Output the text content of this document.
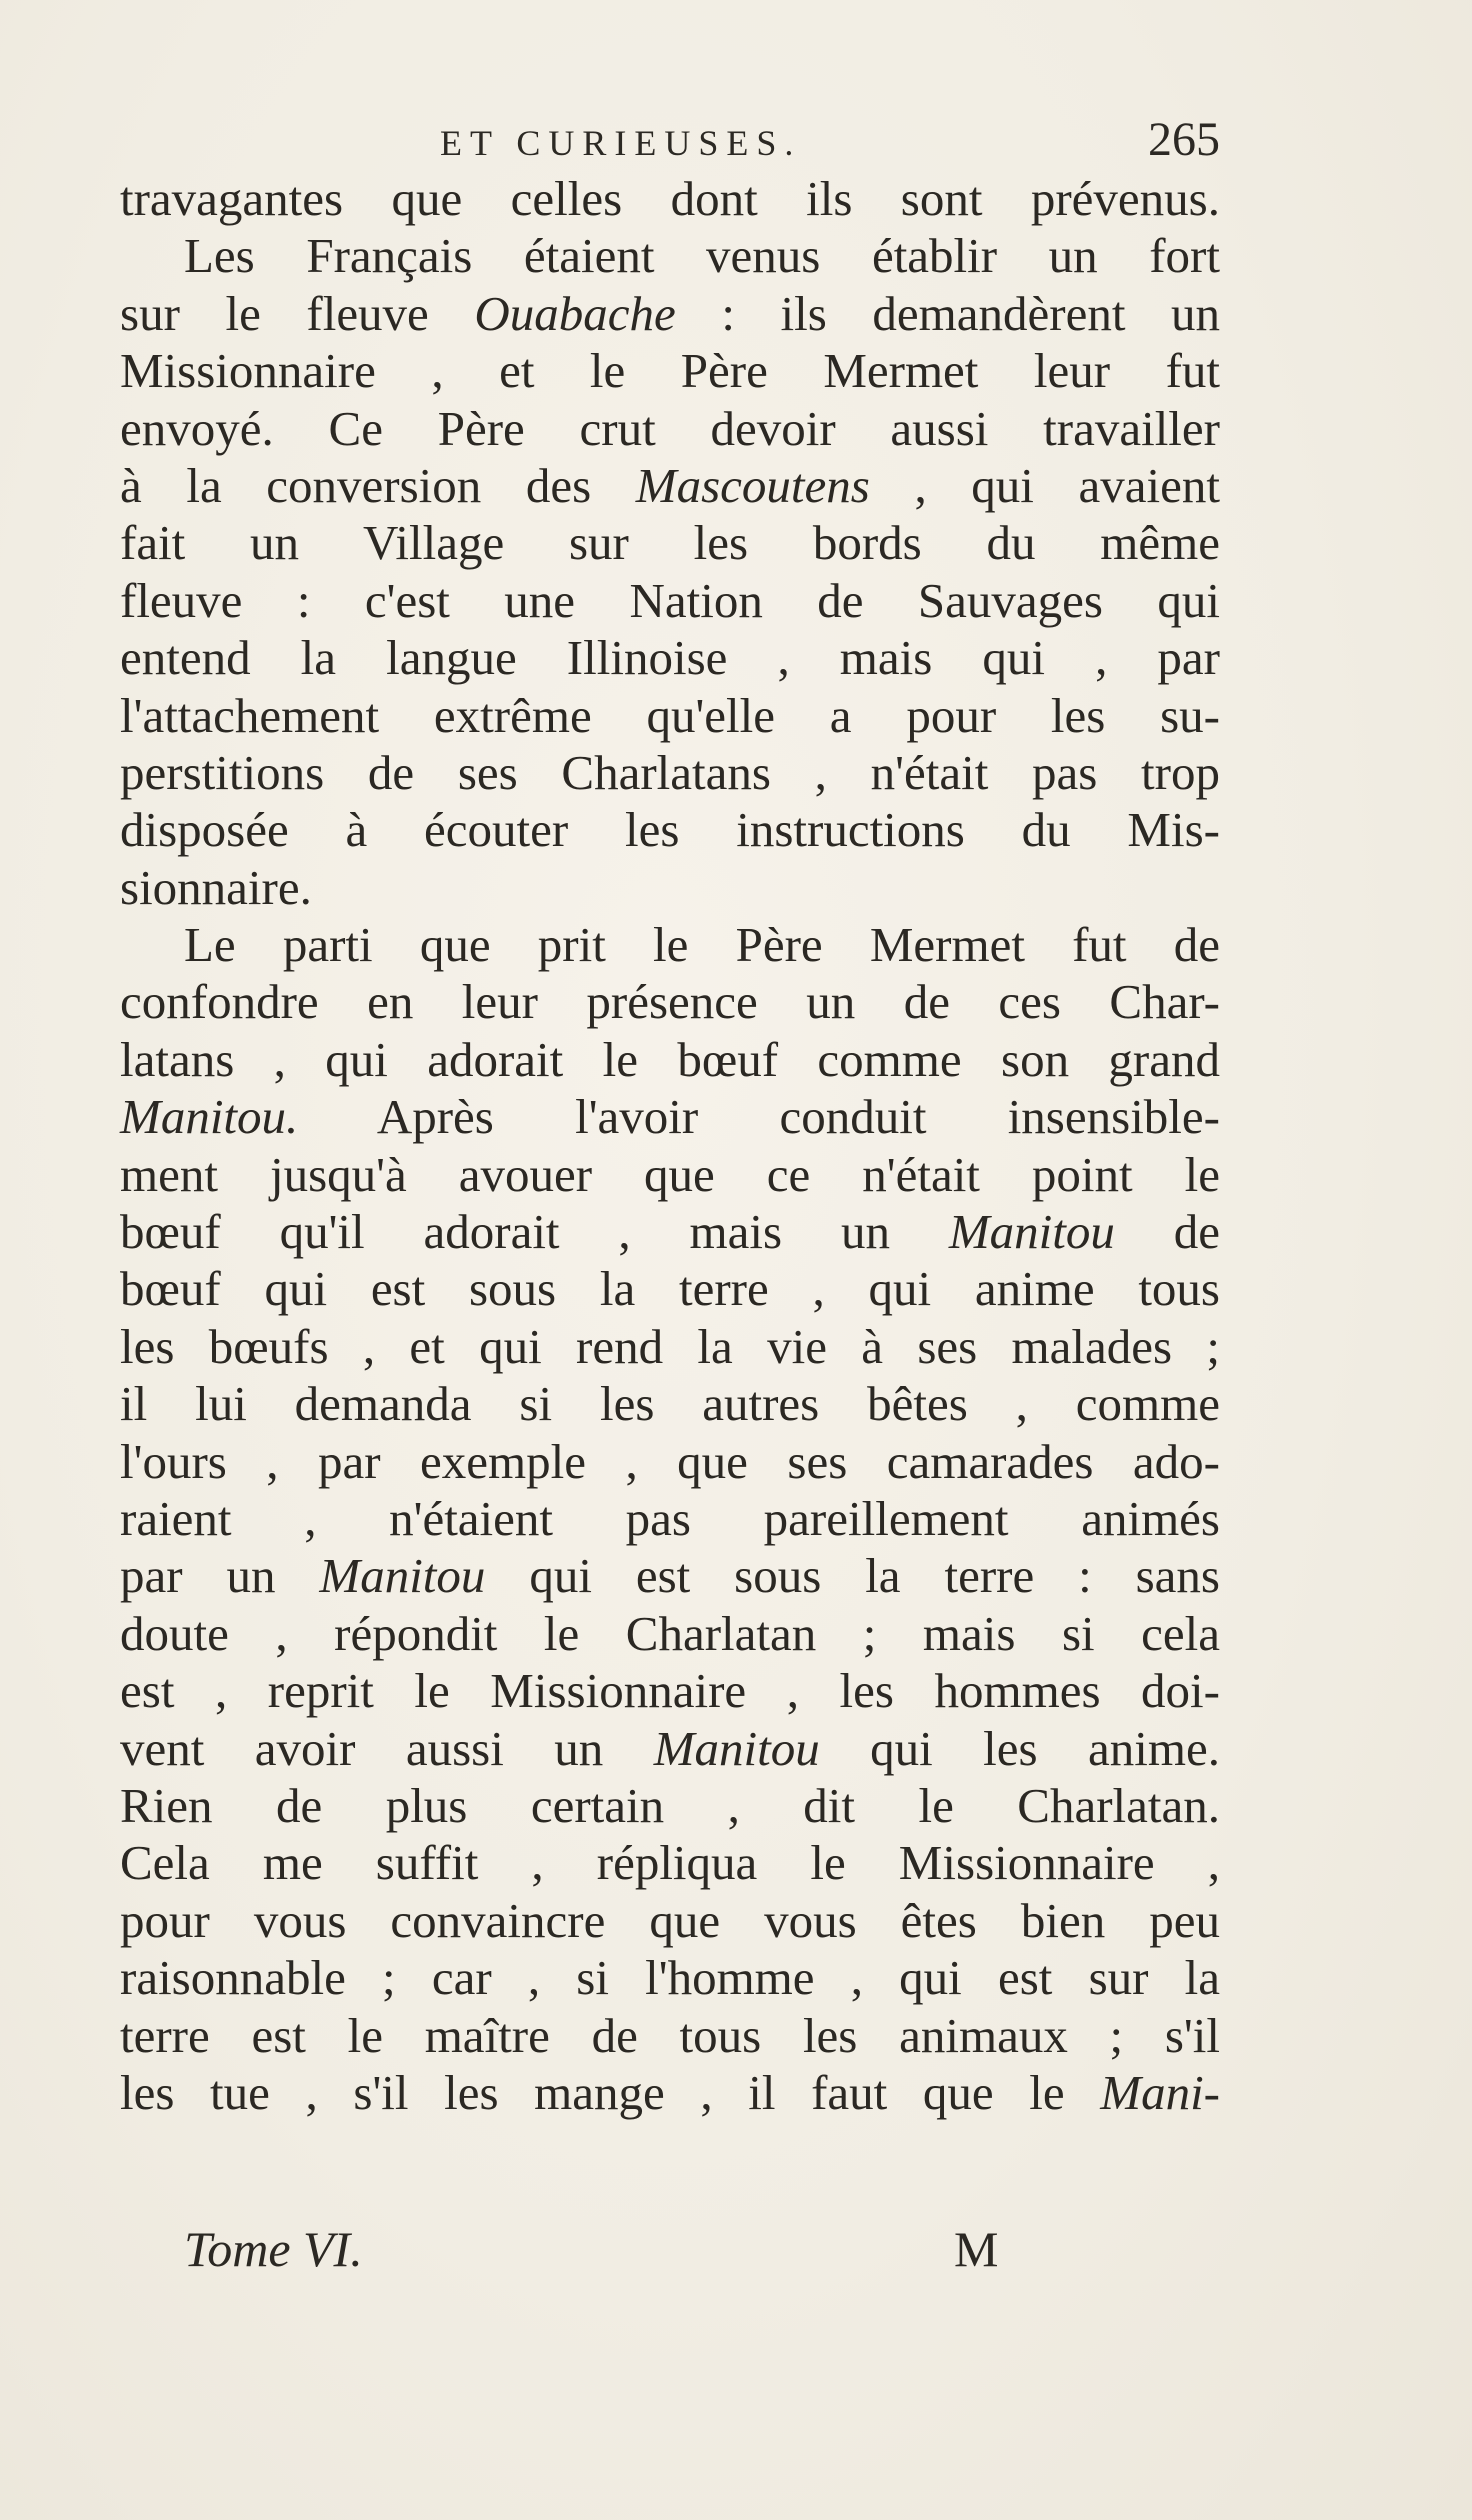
ET CURIEUSES.	265
travagantes que celles dont ils sont prévenus.
Les Français étaient venus établir un fort
sur le fleuve Ouabache : ils demandèrent un
Missionnaire , et le Père Mermet leur fut
envoyé. Ce Père crut devoir aussi travailler
à la conversion des Mascoutens , qui avaient
fait un Village sur les bords du même
fleuve : c'est une Nation de Sauvages qui
entend la langue Illinoise , mais qui , par
l'attachement extrême qu'elle a pour les su-
perstitions de ses Charlatans , n'était pas trop
disposée à écouter les instructions du Mis-
sionnaire.
Le parti que prit le Père Mermet fut de
confondre en leur présence un de ces Char-
latans , qui adorait le bœuf comme son grand
Manitou. Après l'avoir conduit insensible-
ment jusqu'à avouer que ce n'était point le
bœuf qu'il adorait , mais un Manitou de
bœuf qui est sous la terre , qui anime tous
les bœufs , et qui rend la vie à ses malades ;
il lui demanda si les autres bêtes , comme
l'ours , par exemple , que ses camarades ado-
raient , n'étaient pas pareillement animés
par un Manitou qui est sous la terre : sans
doute , répondit le Charlatan ; mais si cela
est , reprit le Missionnaire , les hommes doi-
vent avoir aussi un Manitou qui les anime.
Rien de plus certain , dit le Charlatan.
Cela me suffit , répliqua le Missionnaire ,
pour vous convaincre que vous êtes bien peu
raisonnable ; car , si l'homme , qui est sur la
terre est le maître de tous les animaux ; s'il
les tue , s'il les mange , il faut que le Mani-
Tome VI.	M
